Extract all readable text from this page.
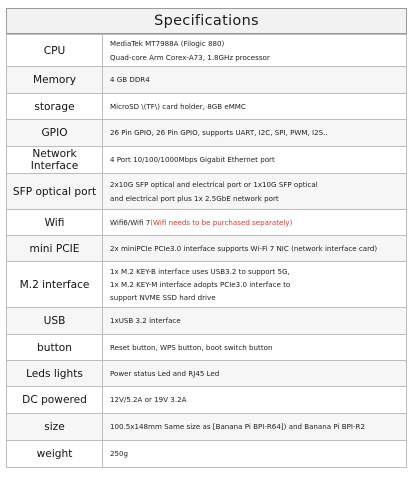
Specifications
CPU	MediaTek MT7988A (Filogic 880)
Quad-core Arm Corex-A73, 1.8GHz processor

Memory	4 GB DDR4

storage	MicroSD \(TF\) card holder, 8GB eMMC

GPIO	26 Pin GPIO, 26 Pin GPIO, supports UART, I2C, SPI, PWM, I2S..

Network Interface	4 Port 10/100/1000Mbps Gigabit Ethernet port

SFP optical port	2x10G SFP optical and electrical port or 1x10G SFP optical
and electrical port plus 1x 2.5GbE network port

Wifi	Wifi6/Wifi 7(Wifi needs to be purchased separately)

mini PCIE	2x miniPCIe PCIe3.0 interface supports Wi-Fi 7 NIC (network interface card)

M.2 interface	1x M.2 KEY-B interface uses USB3.2 to support 5G,
1x M.2 KEY-M interface adopts PCIe3.0 interface to
support NVME SSD hard drive

USB	1xUSB 3.2 interface

button	Reset button, WPS button, boot switch button

Leds lights	Power status Led and RJ45 Led

DC powered	12V/5.2A or 19V 3.2A

size	100.5x148mm Same size as [Banana Pi BPI-R64]) and Banana Pi BPI-R2

weight	250g
